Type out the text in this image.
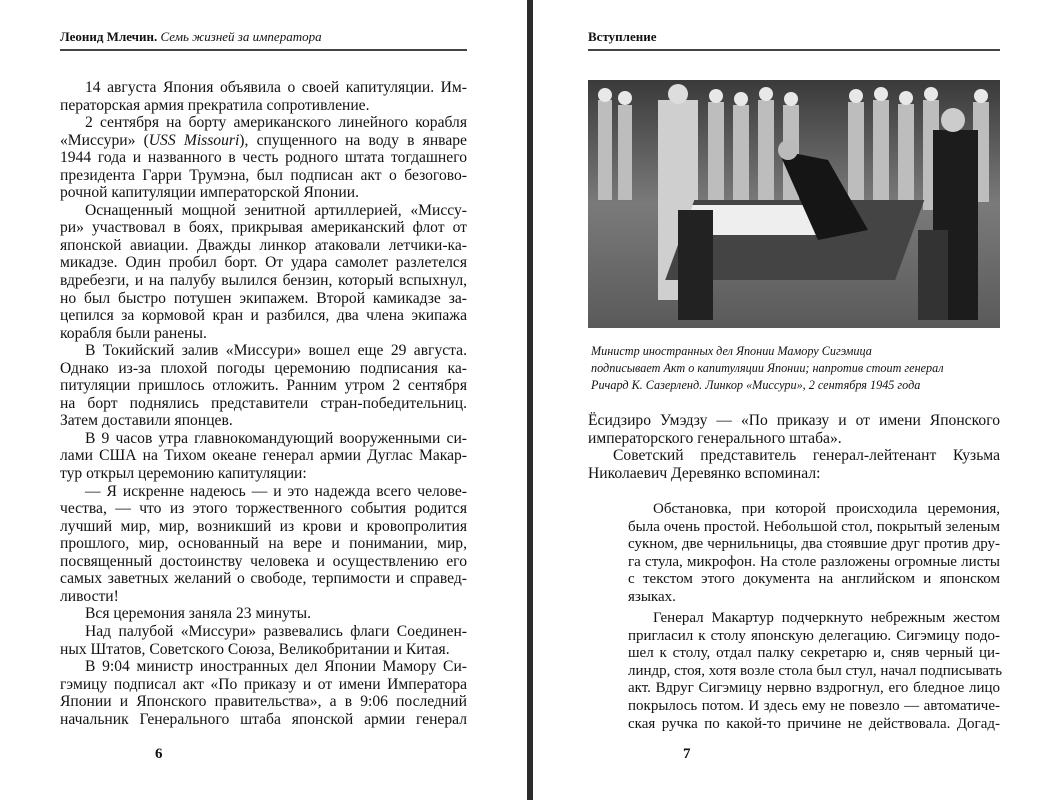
Леонид Млечин. Семь жизней за императора
14 августа Япония объявила о своей капитуляции. Им-
ператорская армия прекратила сопротивление.
2 сентября на борту американского линейного корабля
«Миссури» (USS Missouri), спущенного на воду в январе
1944 года и названного в честь родного штата тогдашнего
президента Гарри Трумэна, был подписан акт о безогово-
рочной капитуляции императорской Японии.
Оснащенный мощной зенитной артиллерией, «Миссу-
ри» участвовал в боях, прикрывая американский флот от
японской авиации. Дважды линкор атаковали летчики-ка-
микадзе. Один пробил борт. От удара самолет разлетелся
вдребезги, и на палубу вылился бензин, который вспыхнул,
но был быстро потушен экипажем. Второй камикадзе за-
цепился за кормовой кран и разбился, два члена экипажа
корабля были ранены.
В Токийский залив «Миссури» вошел еще 29 августа.
Однако из-за плохой погоды церемонию подписания ка-
питуляции пришлось отложить. Ранним утром 2 сентября
на борт поднялись представители стран-победительниц.
Затем доставили японцев.
В 9 часов утра главнокомандующий вооруженными си-
лами США на Тихом океане генерал армии Дуглас Макар-
тур открыл церемонию капитуляции:
— Я искренне надеюсь — и это надежда всего челове-
чества, — что из этого торжественного события родится
лучший мир, мир, возникший из крови и кровопролития
прошлого, мир, основанный на вере и понимании, мир,
посвященный достоинству человека и осуществлению его
самых заветных желаний о свободе, терпимости и справед-
ливости!
Вся церемония заняла 23 минуты.
Над палубой «Миссури» развевались флаги Соединен-
ных Штатов, Советского Союза, Великобритании и Китая.
В 9:04 министр иностранных дел Японии Мамору Си-
гэмицу подписал акт «По приказу и от имени Императора
Японии и Японского правительства», а в 9:06 последний
начальник Генерального штаба японской армии генерал
6
Вступление
Министр иностранных дел Японии Мамору Сигэмица
подписывает Акт о капитуляции Японии; напротив стоит генерал
Ричард К. Сазерленд. Линкор «Миссури», 2 сентября 1945 года
Ёсидзиро Умэдзу — «По приказу и от имени Японского
императорского генерального штаба».
Советский представитель генерал-лейтенант Кузьма
Николаевич Деревянко вспоминал:
Обстановка, при которой происходила церемония,
была очень простой. Небольшой стол, покрытый зеленым
сукном, две чернильницы, два стоявшие друг против дру-
га стула, микрофон. На столе разложены огромные листы
с текстом этого документа на английском и японском
языках.
Генерал Макартур подчеркнуто небрежным жестом
пригласил к столу японскую делегацию. Сигэмицу подо-
шел к столу, отдал палку секретарю и, сняв черный ци-
линдр, стоя, хотя возле стола был стул, начал подписывать
акт. Вдруг Сигэмицу нервно вздрогнул, его бледное лицо
покрылось потом. И здесь ему не повезло — автоматиче-
ская ручка по какой-то причине не действовала. Догад-
7
